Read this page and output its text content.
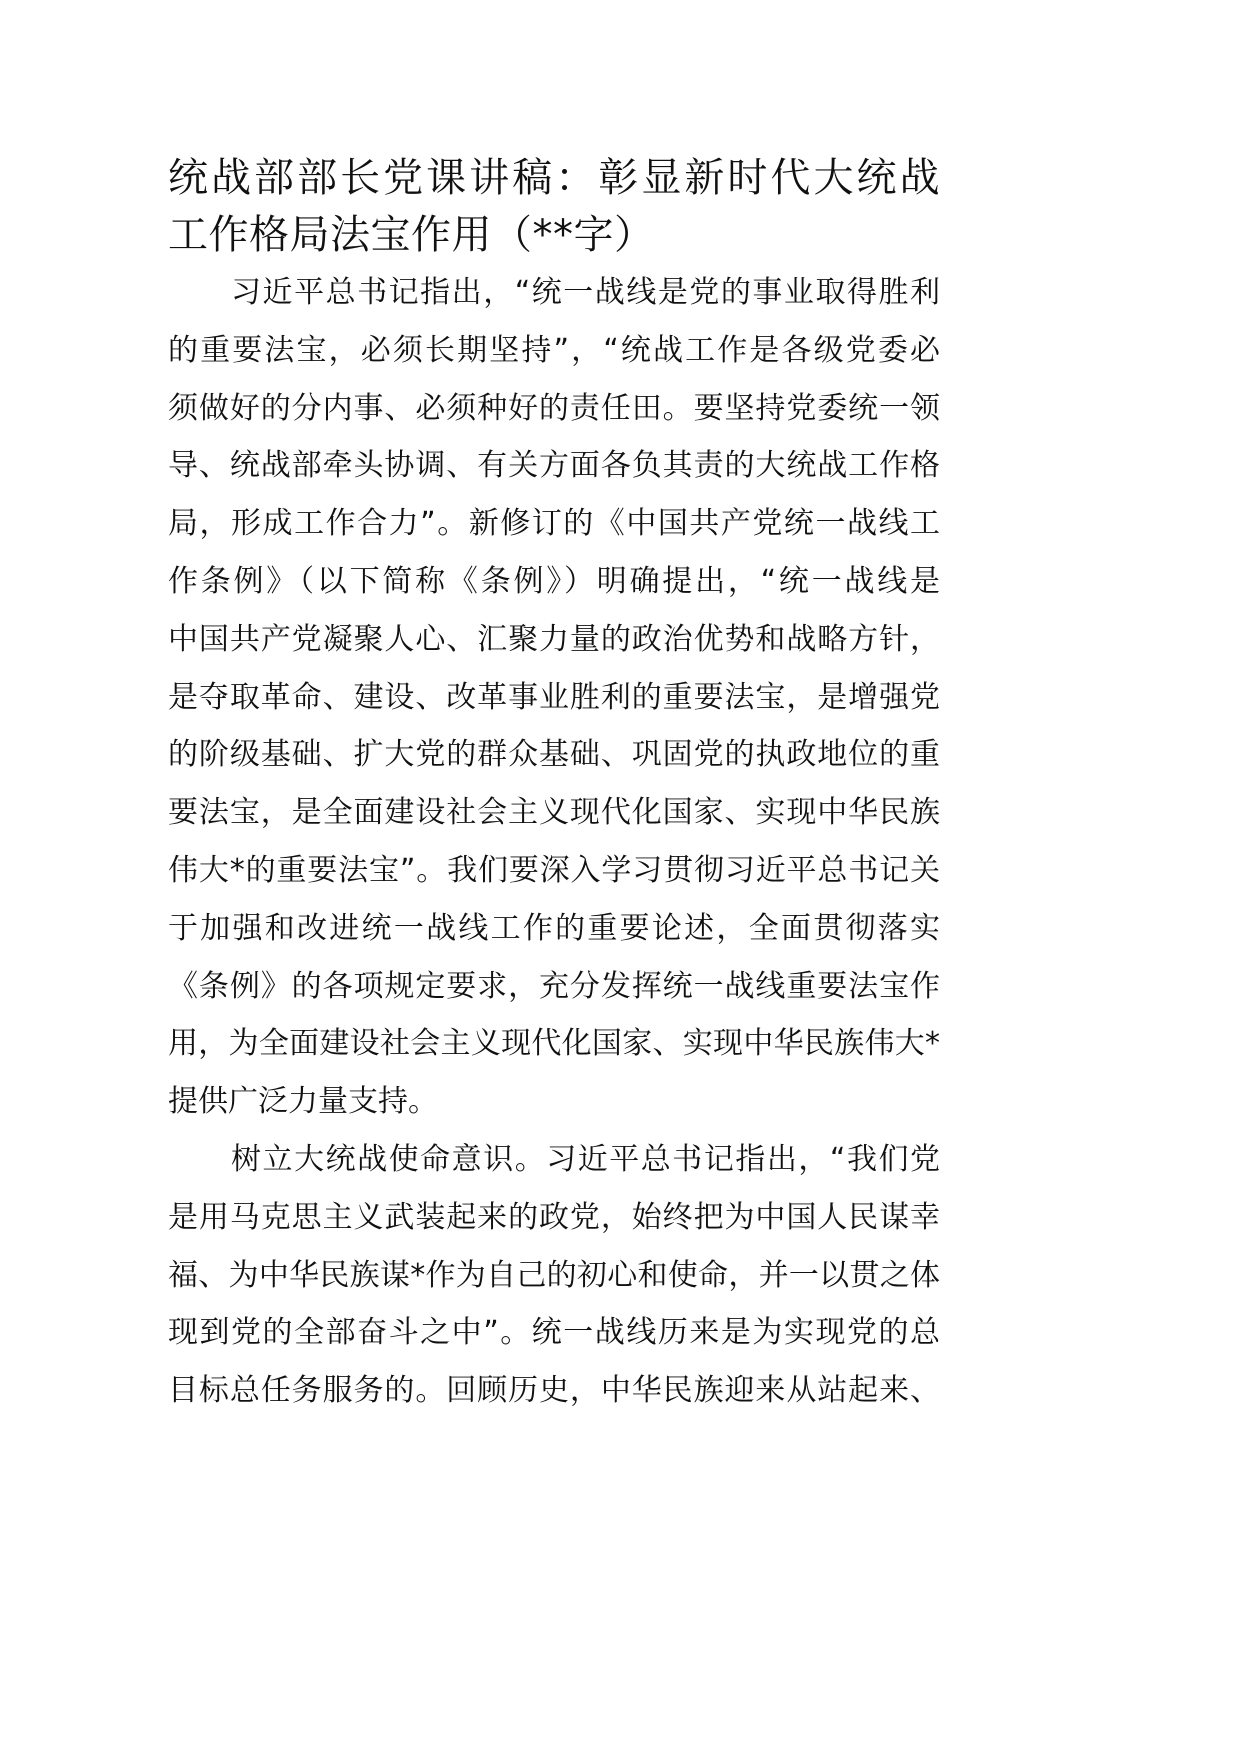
统战部部长党课讲稿：彰显新时代大统战
工作格局法宝作用（**字）
　　习近平总书记指出，“统一战线是党的事业取得胜利
的重要法宝，必须长期坚持”，“统战工作是各级党委必
须做好的分内事、必须种好的责任田。要坚持党委统一领
导、统战部牵头协调、有关方面各负其责的大统战工作格
局，形成工作合力”。新修订的《中国共产党统一战线工
作条例》（以下简称《条例》）明确提出，“统一战线是
中国共产党凝聚人心、汇聚力量的政治优势和战略方针，
是夺取革命、建设、改革事业胜利的重要法宝，是增强党
的阶级基础、扩大党的群众基础、巩固党的执政地位的重
要法宝，是全面建设社会主义现代化国家、实现中华民族
伟大*的重要法宝”。我们要深入学习贯彻习近平总书记关
于加强和改进统一战线工作的重要论述，全面贯彻落实
《条例》的各项规定要求，充分发挥统一战线重要法宝作
用，为全面建设社会主义现代化国家、实现中华民族伟大*
提供广泛力量支持。
　　树立大统战使命意识。习近平总书记指出，“我们党
是用马克思主义武装起来的政党，始终把为中国人民谋幸
福、为中华民族谋*作为自己的初心和使命，并一以贯之体
现到党的全部奋斗之中”。统一战线历来是为实现党的总
目标总任务服务的。回顾历史，中华民族迎来从站起来、
